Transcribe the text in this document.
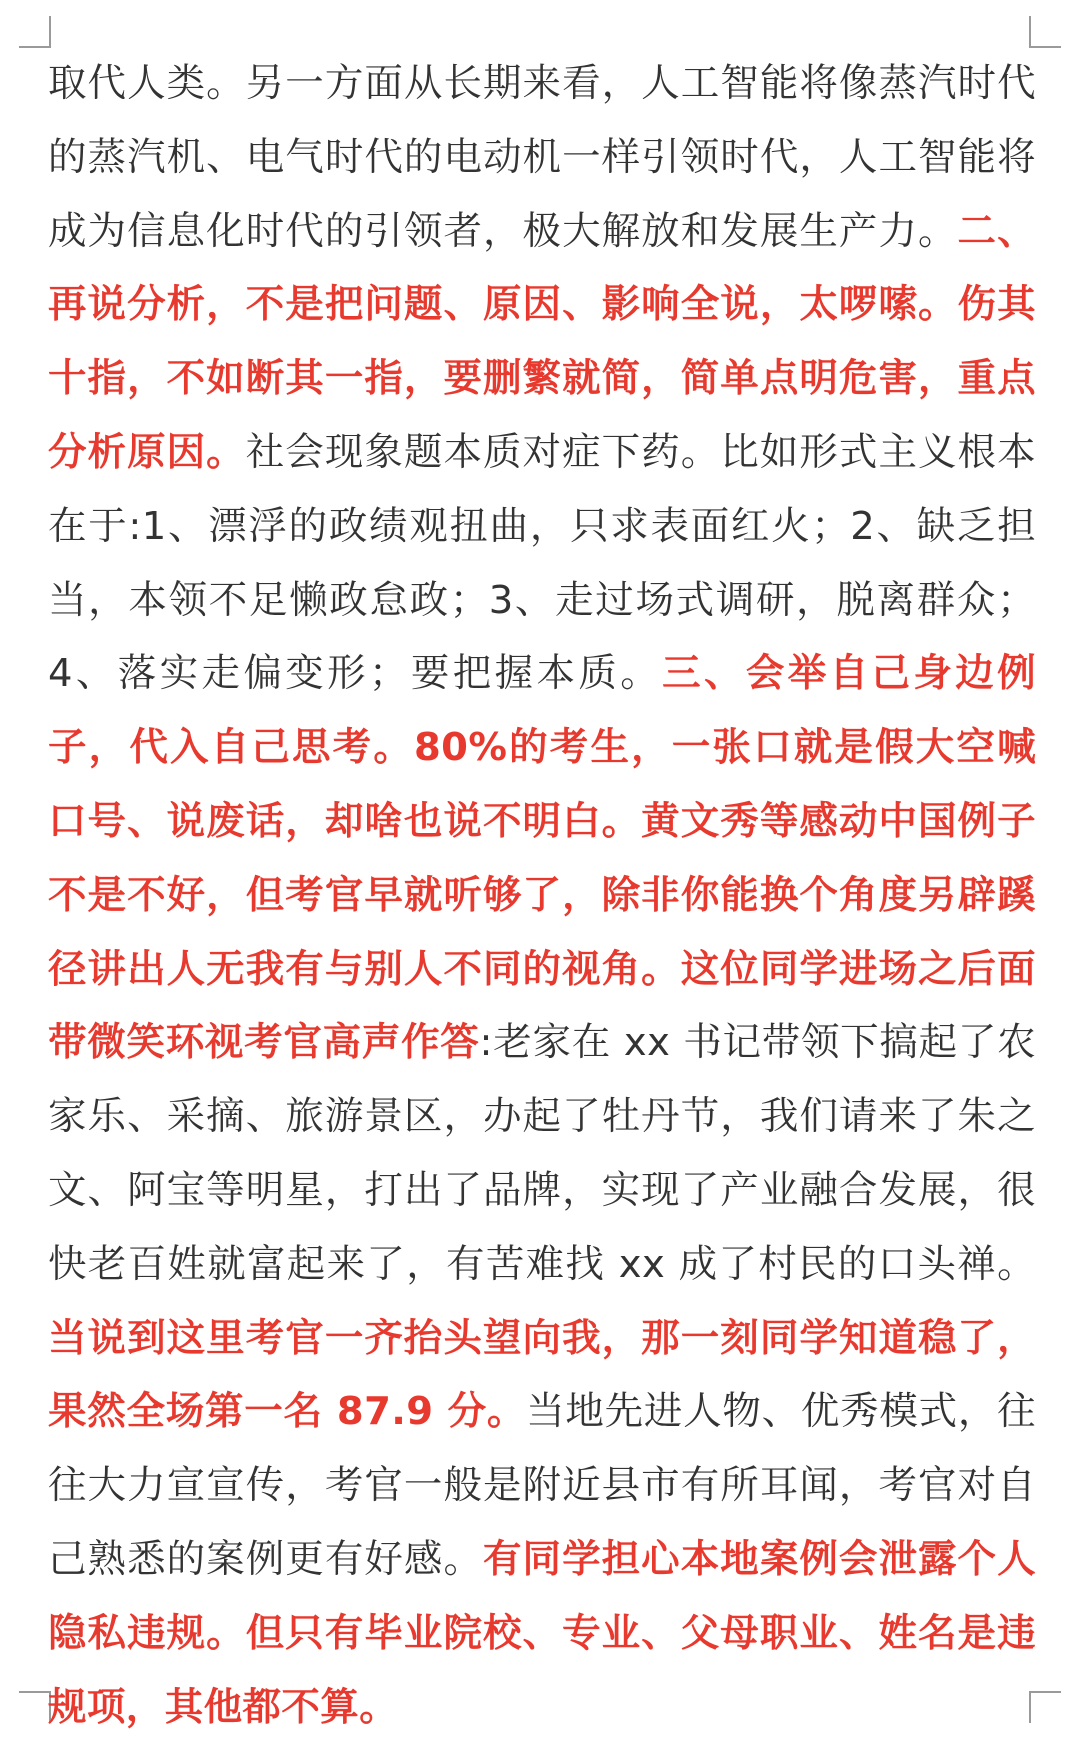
取代人类。另一方面从长期来看，人工智能将像蒸汽时代的蒸汽机、电气时代的电动机一样引领时代，人工智能将成为信息化时代的引领者，极大解放和发展生产力。二、再说分析，不是把问题、原因、影响全说，太啰嗦。伤其十指，不如断其一指，要删繁就简，简单点明危害，重点分析原因。社会现象题本质对症下药。比如形式主义根本在于:1、漂浮的政绩观扭曲，只求表面红火；2、缺乏担当，本领不足懒政怠政；3、走过场式调研，脱离群众；4、落实走偏变形；要把握本质。三、会举自己身边例子，代入自己思考。80%的考生，一张口就是假大空喊口号、说废话，却啥也说不明白。黄文秀等感动中国例子不是不好，但考官早就听够了，除非你能换个角度另辟蹊径讲出人无我有与别人不同的视角。这位同学进场之后面带微笑环视考官高声作答:老家在 xx 书记带领下搞起了农家乐、采摘、旅游景区，办起了牡丹节，我们请来了朱之文、阿宝等明星，打出了品牌，实现了产业融合发展，很快老百姓就富起来了，有苦难找 xx 成了村民的口头禅。当说到这里考官一齐抬头望向我，那一刻同学知道稳了，果然全场第一名 87.9 分。当地先进人物、优秀模式，往往大力宣宣传，考官一般是附近县市有所耳闻，考官对自己熟悉的案例更有好感。有同学担心本地案例会泄露个人隐私违规。但只有毕业院校、专业、父母职业、姓名是违规项，其他都不算。
